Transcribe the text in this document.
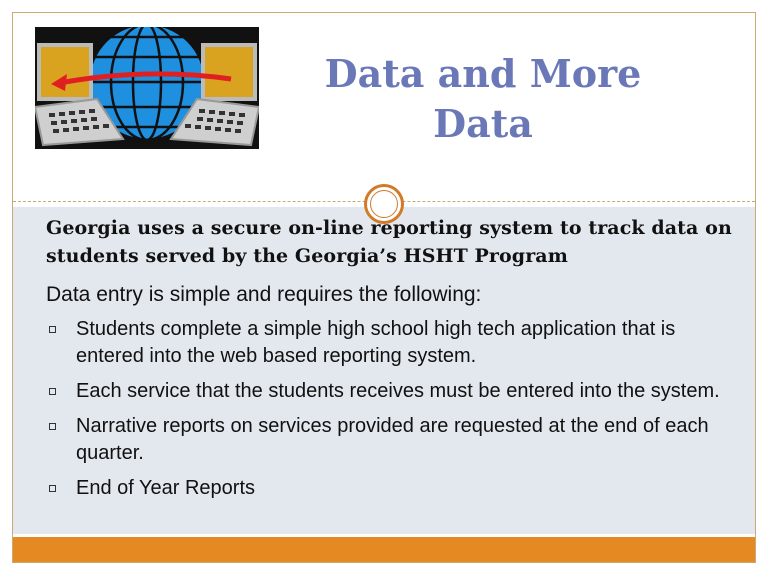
Data and More Data
Georgia uses a secure on-line reporting system to track data on students served by the Georgia’s HSHT Program
Data entry is simple and requires the following:
Students complete a simple high school high tech application that is entered into the web based reporting system.
Each service that the students receives must be entered into the system.
Narrative reports on services provided are requested at the end of each quarter.
End of Year Reports
